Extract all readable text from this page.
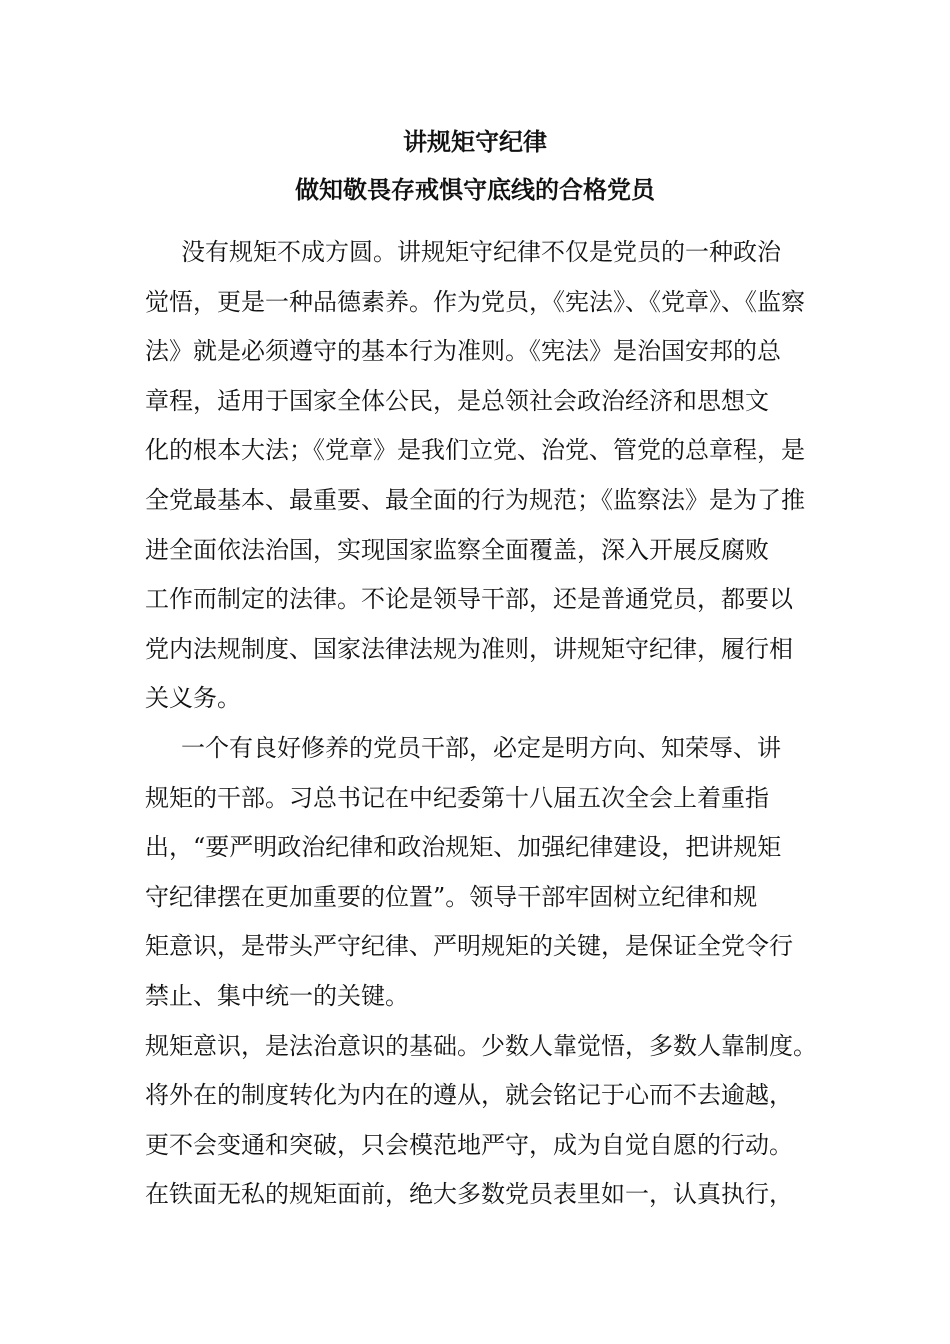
讲规矩守纪律
做知敬畏存戒惧守底线的合格党员
没有规矩不成方圆。讲规矩守纪律不仅是党员的一种政治
觉悟，更是一种品德素养。作为党员，《宪法》、《党章》、《监察
法》就是必须遵守的基本行为准则。《宪法》是治国安邦的总
章程，适用于国家全体公民，是总领社会政治经济和思想文
化的根本大法；《党章》是我们立党、治党、管党的总章程，是
全党最基本、最重要、最全面的行为规范；《监察法》是为了推
进全面依法治国，实现国家监察全面覆盖，深入开展反腐败
工作而制定的法律。不论是领导干部，还是普通党员，都要以
党内法规制度、国家法律法规为准则，讲规矩守纪律，履行相
关义务。
一个有良好修养的党员干部，必定是明方向、知荣辱、讲
规矩的干部。习总书记在中纪委第十八届五次全会上着重指
出，“要严明政治纪律和政治规矩、加强纪律建设，把讲规矩
守纪律摆在更加重要的位置”。领导干部牢固树立纪律和规
矩意识，是带头严守纪律、严明规矩的关键，是保证全党令行
禁止、集中统一的关键。
规矩意识，是法治意识的基础。少数人靠觉悟，多数人靠制度。
将外在的制度转化为内在的遵从，就会铭记于心而不去逾越，
更不会变通和突破，只会模范地严守，成为自觉自愿的行动。
在铁面无私的规矩面前，绝大多数党员表里如一，认真执行，
